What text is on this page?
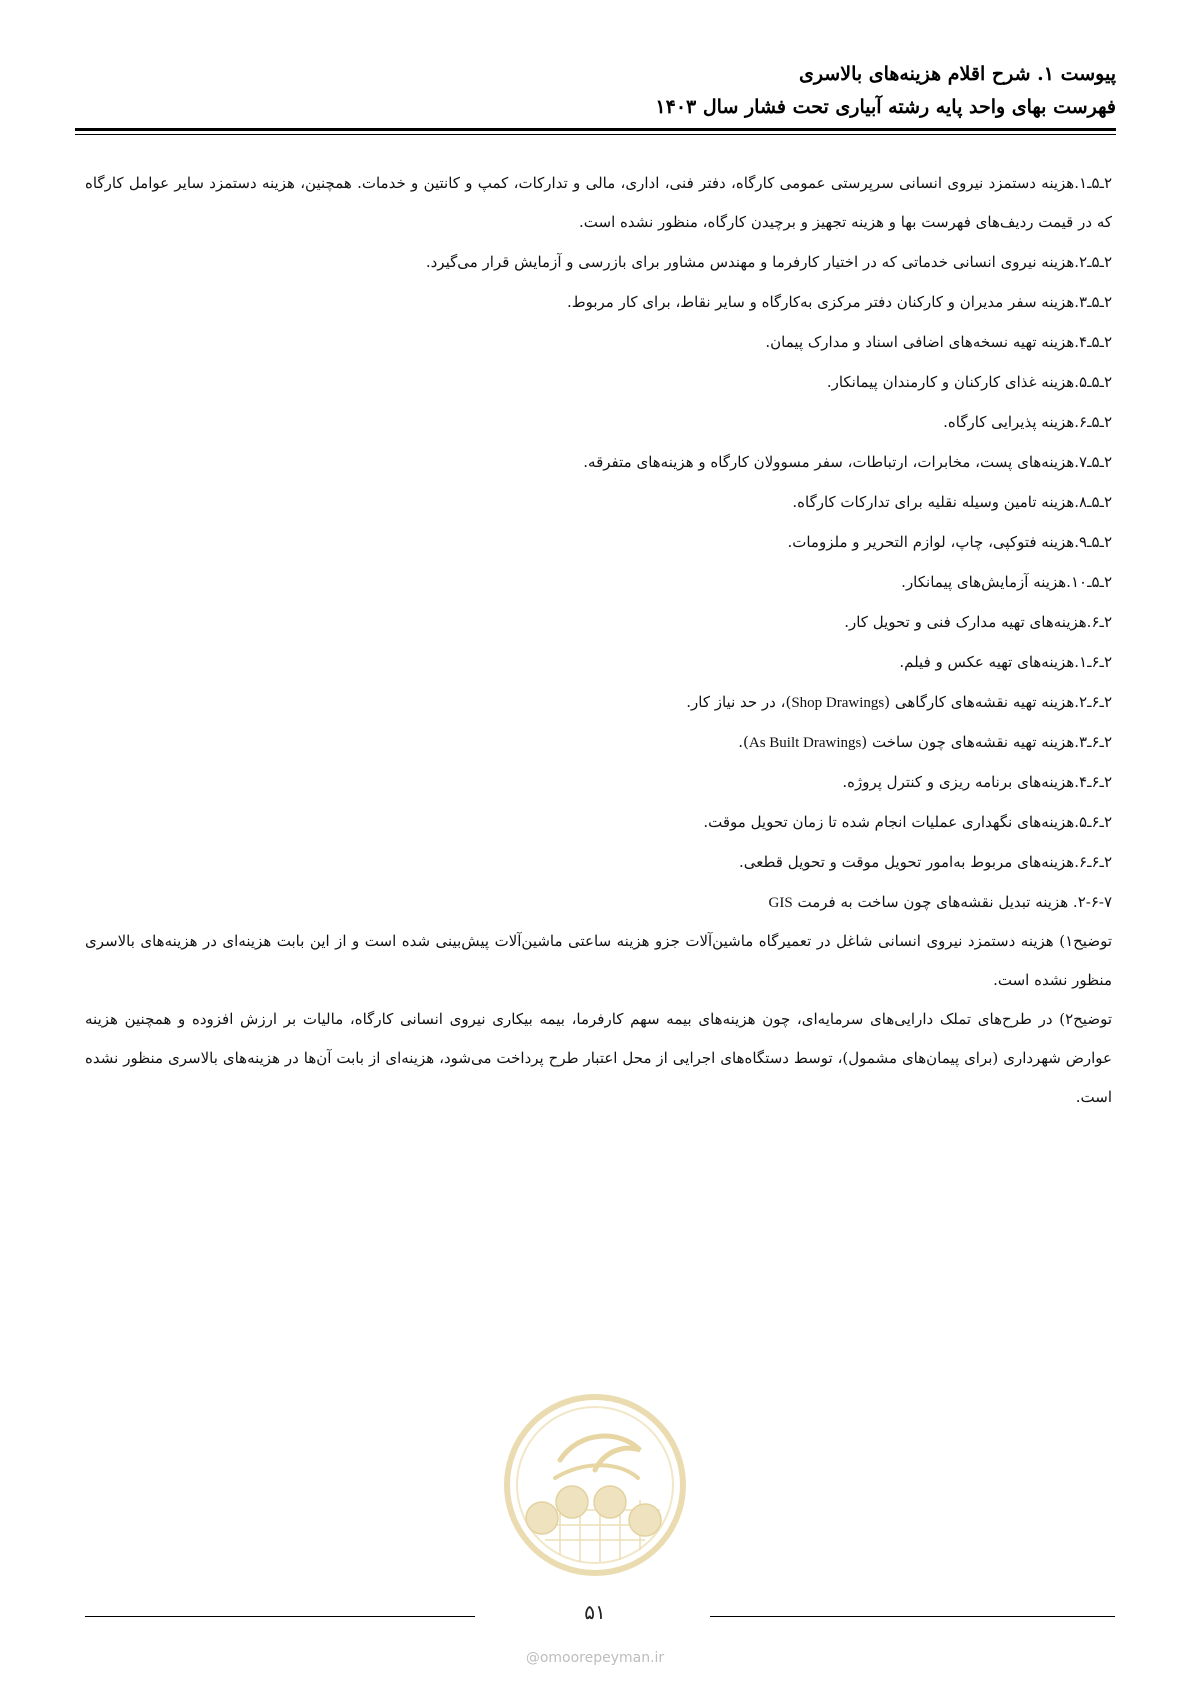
پیوست ۱. شرح اقلام هزینه‌های بالاسری
فهرست بهای واحد پایه رشته آبیاری تحت فشار سال ۱۴۰۳
۲ـ۵ـ۱.هزینه دستمزد نیروی انسانی سرپرستی عمومی کارگاه، دفتر فنی، اداری، مالی و تدارکات، کمپ و کانتین و خدمات. همچنین، هزینه دستمزد سایر عوامل کارگاه که در قیمت ردیف‌های فهرست بها و هزینه تجهیز و برچیدن کارگاه، منظور نشده است.
۲ـ۵ـ۲.هزینه نیروی انسانی خدماتی که در اختیار کارفرما و مهندس مشاور برای بازرسی و آزمایش قرار می‌گیرد.
۲ـ۵ـ۳.هزینه سفر مدیران و کارکنان دفتر مرکزی به‌کارگاه و سایر نقاط، برای کار مربوط.
۲ـ۵ـ۴.هزینه تهیه نسخه‌های اضافی اسناد و مدارک پیمان.
۲ـ۵ـ۵.هزینه غذای کارکنان و کارمندان پیمانکار.
۲ـ۵ـ۶.هزینه پذیرایی کارگاه.
۲ـ۵ـ۷.هزینه‌های پست، مخابرات، ارتباطات، سفر مسوولان کارگاه و هزینه‌های متفرقه.
۲ـ۵ـ۸.هزینه تامین وسیله نقلیه برای تدارکات کارگاه.
۲ـ۵ـ۹.هزینه فتوکپی، چاپ، لوازم التحریر و ملزومات.
۲ـ۵ـ۱۰.هزینه آزمایش‌های پیمانکار.
۲ـ۶.هزینه‌های تهیه مدارک فنی و تحویل کار.
۲ـ۶ـ۱.هزینه‌های تهیه عکس و فیلم.
۲ـ۶ـ۲.هزینه تهیه نقشه‌های کارگاهی (Shop Drawings)، در حد نیاز کار.
۲ـ۶ـ۳.هزینه تهیه نقشه‌های چون ساخت (As Built Drawings).
۲ـ۶ـ۴.هزینه‌های برنامه ریزی و کنترل پروژه.
۲ـ۶ـ۵.هزینه‌های نگهداری عملیات انجام شده تا زمان تحویل موقت.
۲ـ۶ـ۶.هزینه‌های مربوط به‌امور تحویل موقت و تحویل قطعی.
۲-۶-۷. هزینه تبدیل نقشه‌های چون ساخت به فرمت GIS
توضیح۱) هزینه دستمزد نیروی انسانی شاغل در تعمیرگاه ماشین‌آلات جزو هزینه ساعتی ماشین‌آلات پیش‌بینی شده است و از این بابت هزینه‌ای در هزینه‌های بالاسری منظور نشده است.
توضیح۲) در طرح‌های تملک دارایی‌های سرمایه‌ای، چون هزینه‌های بیمه سهم کارفرما، بیمه بیکاری نیروی انسانی کارگاه، مالیات بر ارزش افزوده و همچنین هزینه عوارض شهرداری (برای پیمان‌های مشمول)، توسط دستگاه‌های اجرایی از محل اعتبار طرح پرداخت می‌شود، هزینه‌ای از بابت آن‌ها در هزینه‌های بالاسری منظور نشده است.
۵۱
@omoorepeyman.ir
